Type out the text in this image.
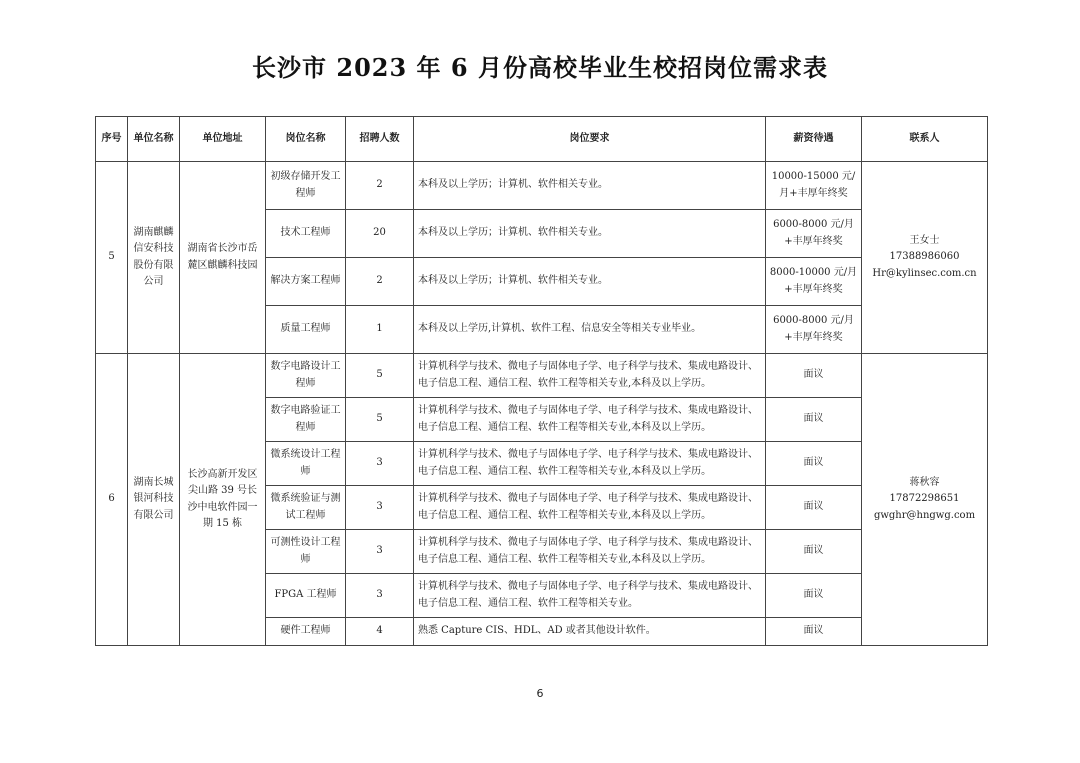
长沙市 2023 年 6 月份高校毕业生校招岗位需求表
序号	单位名称	单位地址	岗位名称	招聘人数	岗位要求	薪资待遇	联系人
5	湖南麒麟信安科技股份有限公司	湖南省长沙市岳麓区麒麟科技园	初级存储开发工程师	2	本科及以上学历；计算机、软件相关专业。	10000-15000 元/月+丰厚年终奖	王女士
17388986060
Hr@kylinsec.com.cn

			技术工程师	20	本科及以上学历；计算机、软件相关专业。	6000-8000 元/月+丰厚年终奖	
			解决方案工程师	2	本科及以上学历；计算机、软件相关专业。	8000-10000 元/月+丰厚年终奖	
			质量工程师	1	本科及以上学历,计算机、软件工程、信息安全等相关专业毕业。	6000-8000 元/月+丰厚年终奖	
6	湖南长城银河科技有限公司	长沙高新开发区尖山路 39 号长沙中电软件园一期 15 栋	数字电路设计工程师	5	计算机科学与技术、微电子与固体电子学、电子科学与技术、集成电路设计、电子信息工程、通信工程、软件工程等相关专业,本科及以上学历。	面议	蒋秋容
17872298651
gwghr@hngwg.com

			数字电路验证工程师	5	计算机科学与技术、微电子与固体电子学、电子科学与技术、集成电路设计、电子信息工程、通信工程、软件工程等相关专业,本科及以上学历。	面议	
			微系统设计工程师	3	计算机科学与技术、微电子与固体电子学、电子科学与技术、集成电路设计、电子信息工程、通信工程、软件工程等相关专业,本科及以上学历。	面议	
			微系统验证与测试工程师	3	计算机科学与技术、微电子与固体电子学、电子科学与技术、集成电路设计、电子信息工程、通信工程、软件工程等相关专业,本科及以上学历。	面议	
			可测性设计工程师	3	计算机科学与技术、微电子与固体电子学、电子科学与技术、集成电路设计、电子信息工程、通信工程、软件工程等相关专业,本科及以上学历。	面议	
			FPGA 工程师	3	计算机科学与技术、微电子与固体电子学、电子科学与技术、集成电路设计、电子信息工程、通信工程、软件工程等相关专业。	面议	
			硬件工程师	4	熟悉 Capture CIS、HDL、AD 或者其他设计软件。	面议	
6
